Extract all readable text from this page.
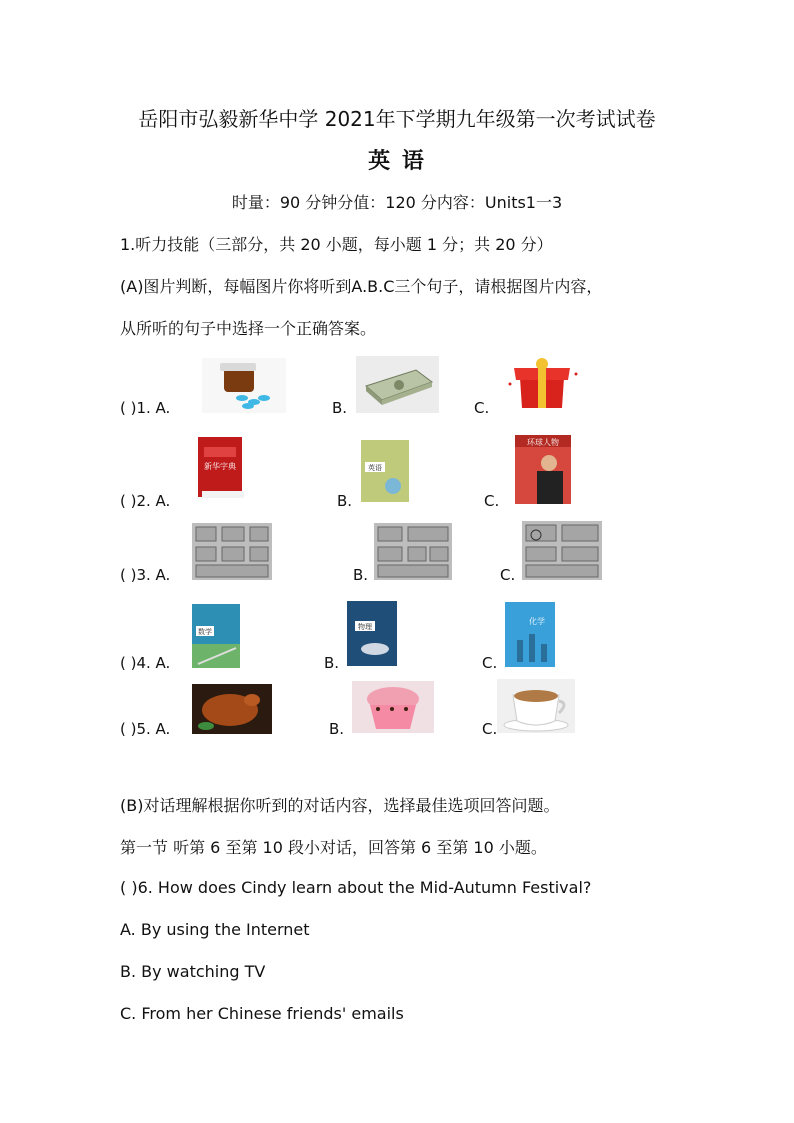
岳阳市弘毅新华中学 2021年下学期九年级第一次考试试卷
英 语
时量：90 分钟分值：120 分内容：Units1一3
1.听力技能（三部分，共 20 小题，每小题 1 分；共 20 分）
(A)图片判断，每幅图片你将听到A.B.C三个句子，请根据图片内容，
从所听的句子中选择一个正确答案。
( )1. A.	B.	C.
( )2. A.
新华字典
B.
英语
C.
环球人物
( )3. A.	B.	C.
( )4. A.
数学
B.
物理
C.
化学
( )5. A.	B.	C.
(B)对话理解根据你听到的对话内容，选择最佳选项回答问题。
第一节 听第 6 至第 10 段小对话，回答第 6 至第 10 小题。
( )6. How does Cindy learn about the Mid-Autumn Festival?
A. By using the Internet
B. By watching TV
C. From her Chinese friends' emails
